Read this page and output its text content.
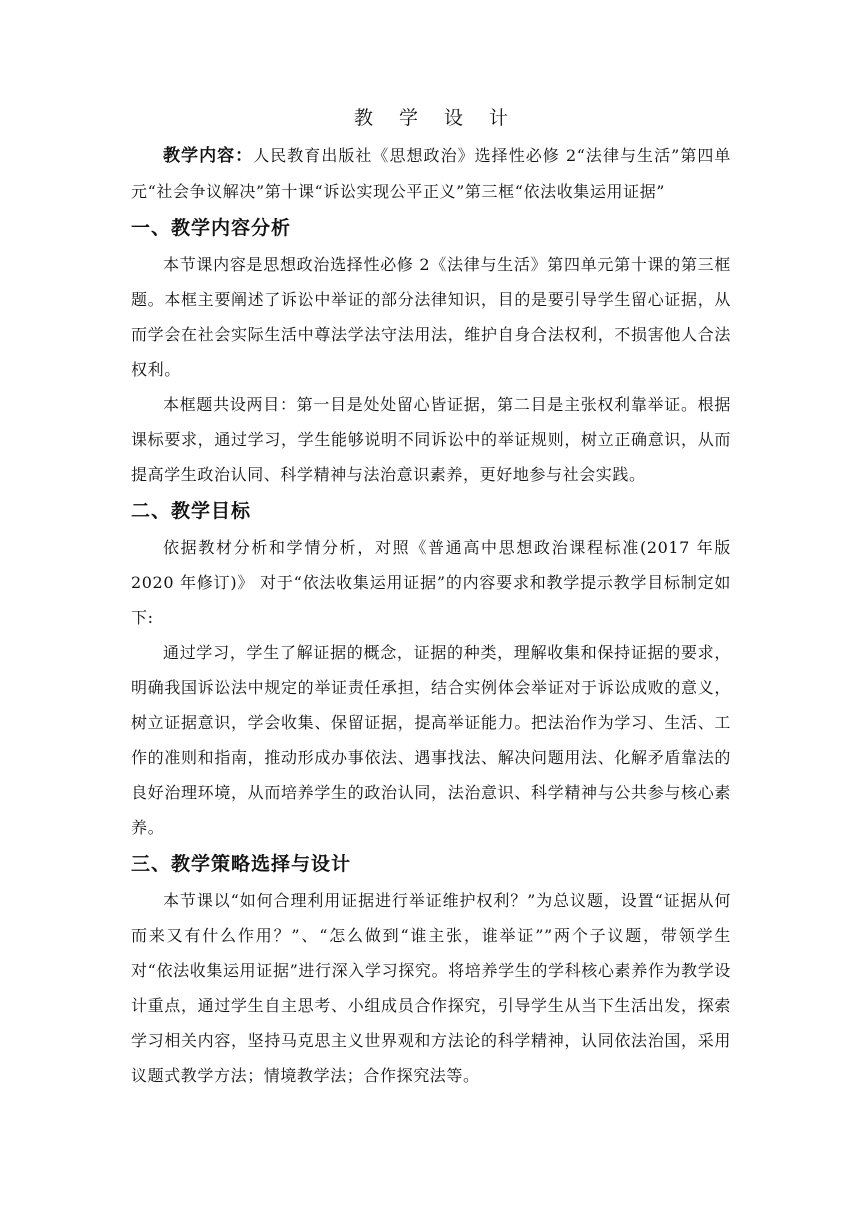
教 学 设 计

教学内容：人民教育出版社《思想政治》选择性必修 2“法律与生活”第四单元“社会争议解决”第十课“诉讼实现公平正义”第三框“依法收集运用证据”

一、教学内容分析

本节课内容是思想政治选择性必修 2《法律与生活》第四单元第十课的第三框题。本框主要阐述了诉讼中举证的部分法律知识，目的是要引导学生留心证据，从而学会在社会实际生活中尊法学法守法用法，维护自身合法权利，不损害他人合法权利。

本框题共设两目：第一目是处处留心皆证据，第二目是主张权利靠举证。根据课标要求，通过学习，学生能够说明不同诉讼中的举证规则，树立正确意识，从而提高学生政治认同、科学精神与法治意识素养，更好地参与社会实践。

二、教学目标

依据教材分析和学情分析，对照《普通高中思想政治课程标准(2017 年版 2020 年修订)》 对于“依法收集运用证据”的内容要求和教学提示教学目标制定如下:

通过学习，学生了解证据的概念，证据的种类，理解收集和保持证据的要求，明确我国诉讼法中规定的举证责任承担，结合实例体会举证对于诉讼成败的意义，树立证据意识，学会收集、保留证据，提高举证能力。把法治作为学习、生活、工作的准则和指南，推动形成办事依法、遇事找法、解决问题用法、化解矛盾靠法的良好治理环境，从而培养学生的政治认同，法治意识、科学精神与公共参与核心素养。

三、教学策略选择与设计

本节课以“如何合理利用证据进行举证维护权利？”为总议题，设置“证据从何而来又有什么作用？”、“怎么做到“谁主张，谁举证””两个子议题，带领学生对“依法收集运用证据”进行深入学习探究。将培养学生的学科核心素养作为教学设计重点，通过学生自主思考、小组成员合作探究，引导学生从当下生活出发，探索学习相关内容，坚持马克思主义世界观和方法论的科学精神，认同依法治国，采用议题式教学方法；情境教学法；合作探究法等。
